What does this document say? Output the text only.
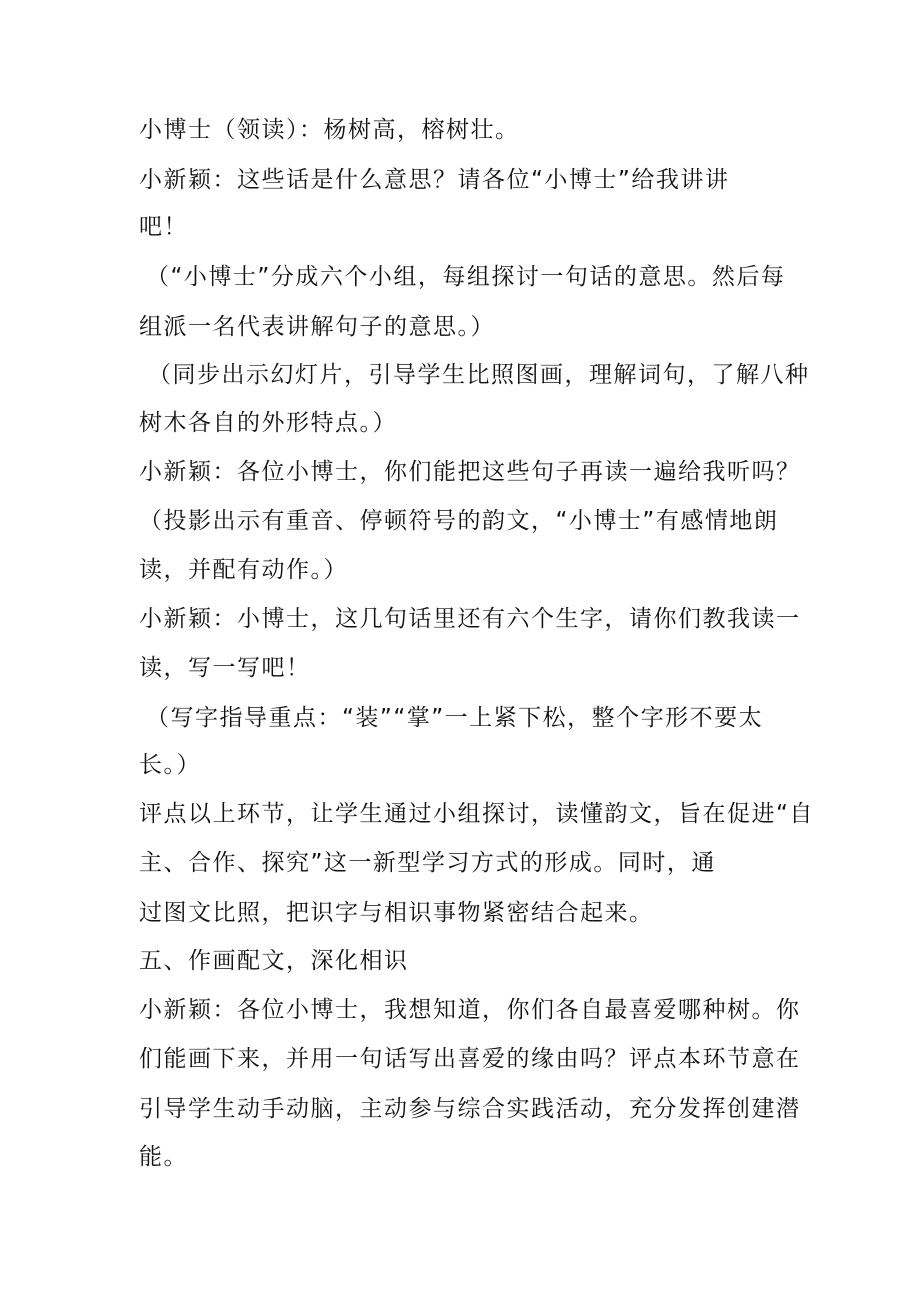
小博士（领读）：杨树高，榕树壮。
小新颖：这些话是什么意思？请各位“小博士”给我讲讲
吧！
（“小博士”分成六个小组，每组探讨一句话的意思。然后每
组派一名代表讲解句子的意思。）
（同步出示幻灯片，引导学生比照图画，理解词句，了解八种
树木各自的外形特点。）
小新颖：各位小博士，你们能把这些句子再读一遍给我听吗？
（投影出示有重音、停顿符号的韵文，“小博士”有感情地朗
读，并配有动作。）
小新颖：小博士，这几句话里还有六个生字，请你们教我读一
读，写一写吧！
（写字指导重点：“装”“掌”一上紧下松，整个字形不要太
长。）
评点以上环节，让学生通过小组探讨，读懂韵文，旨在促进“自
主、合作、探究”这一新型学习方式的形成。同时，通
过图文比照，把识字与相识事物紧密结合起来。
五、作画配文，深化相识
小新颖：各位小博士，我想知道，你们各自最喜爱哪种树。你
们能画下来，并用一句话写出喜爱的缘由吗？评点本环节意在
引导学生动手动脑，主动参与综合实践活动，充分发挥创建潜
能。
